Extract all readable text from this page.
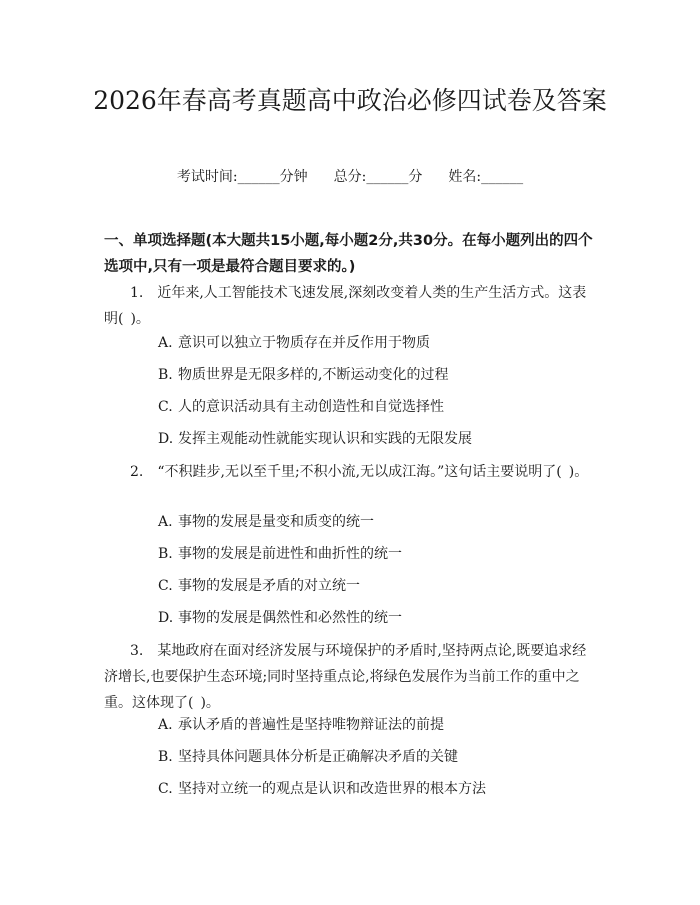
2026年春高考真题高中政治必修四试卷及答案
考试时间:______分钟 总分:______分 姓名:______

一、单项选择题(本大题共15小题,每小题2分,共30分。在每小题列出的四个选项中,只有一项是最符合题目要求的。)

1.　近年来,人工智能技术飞速发展,深刻改变着人类的生产生活方式。这表明( )。

A. 意识可以独立于物质存在并反作用于物质

B. 物质世界是无限多样的,不断运动变化的过程

C. 人的意识活动具有主动创造性和自觉选择性

D. 发挥主观能动性就能实现认识和实践的无限发展

2.　“不积跬步,无以至千里;不积小流,无以成江海。”这句话主要说明了( )。

A. 事物的发展是量变和质变的统一

B. 事物的发展是前进性和曲折性的统一

C. 事物的发展是矛盾的对立统一

D. 事物的发展是偶然性和必然性的统一

3.　某地政府在面对经济发展与环境保护的矛盾时,坚持两点论,既要追求经济增长,也要保护生态环境;同时坚持重点论,将绿色发展作为当前工作的重中之重。这体现了( )。

A. 承认矛盾的普遍性是坚持唯物辩证法的前提

B. 坚持具体问题具体分析是正确解决矛盾的关键

C. 坚持对立统一的观点是认识和改造世界的根本方法
